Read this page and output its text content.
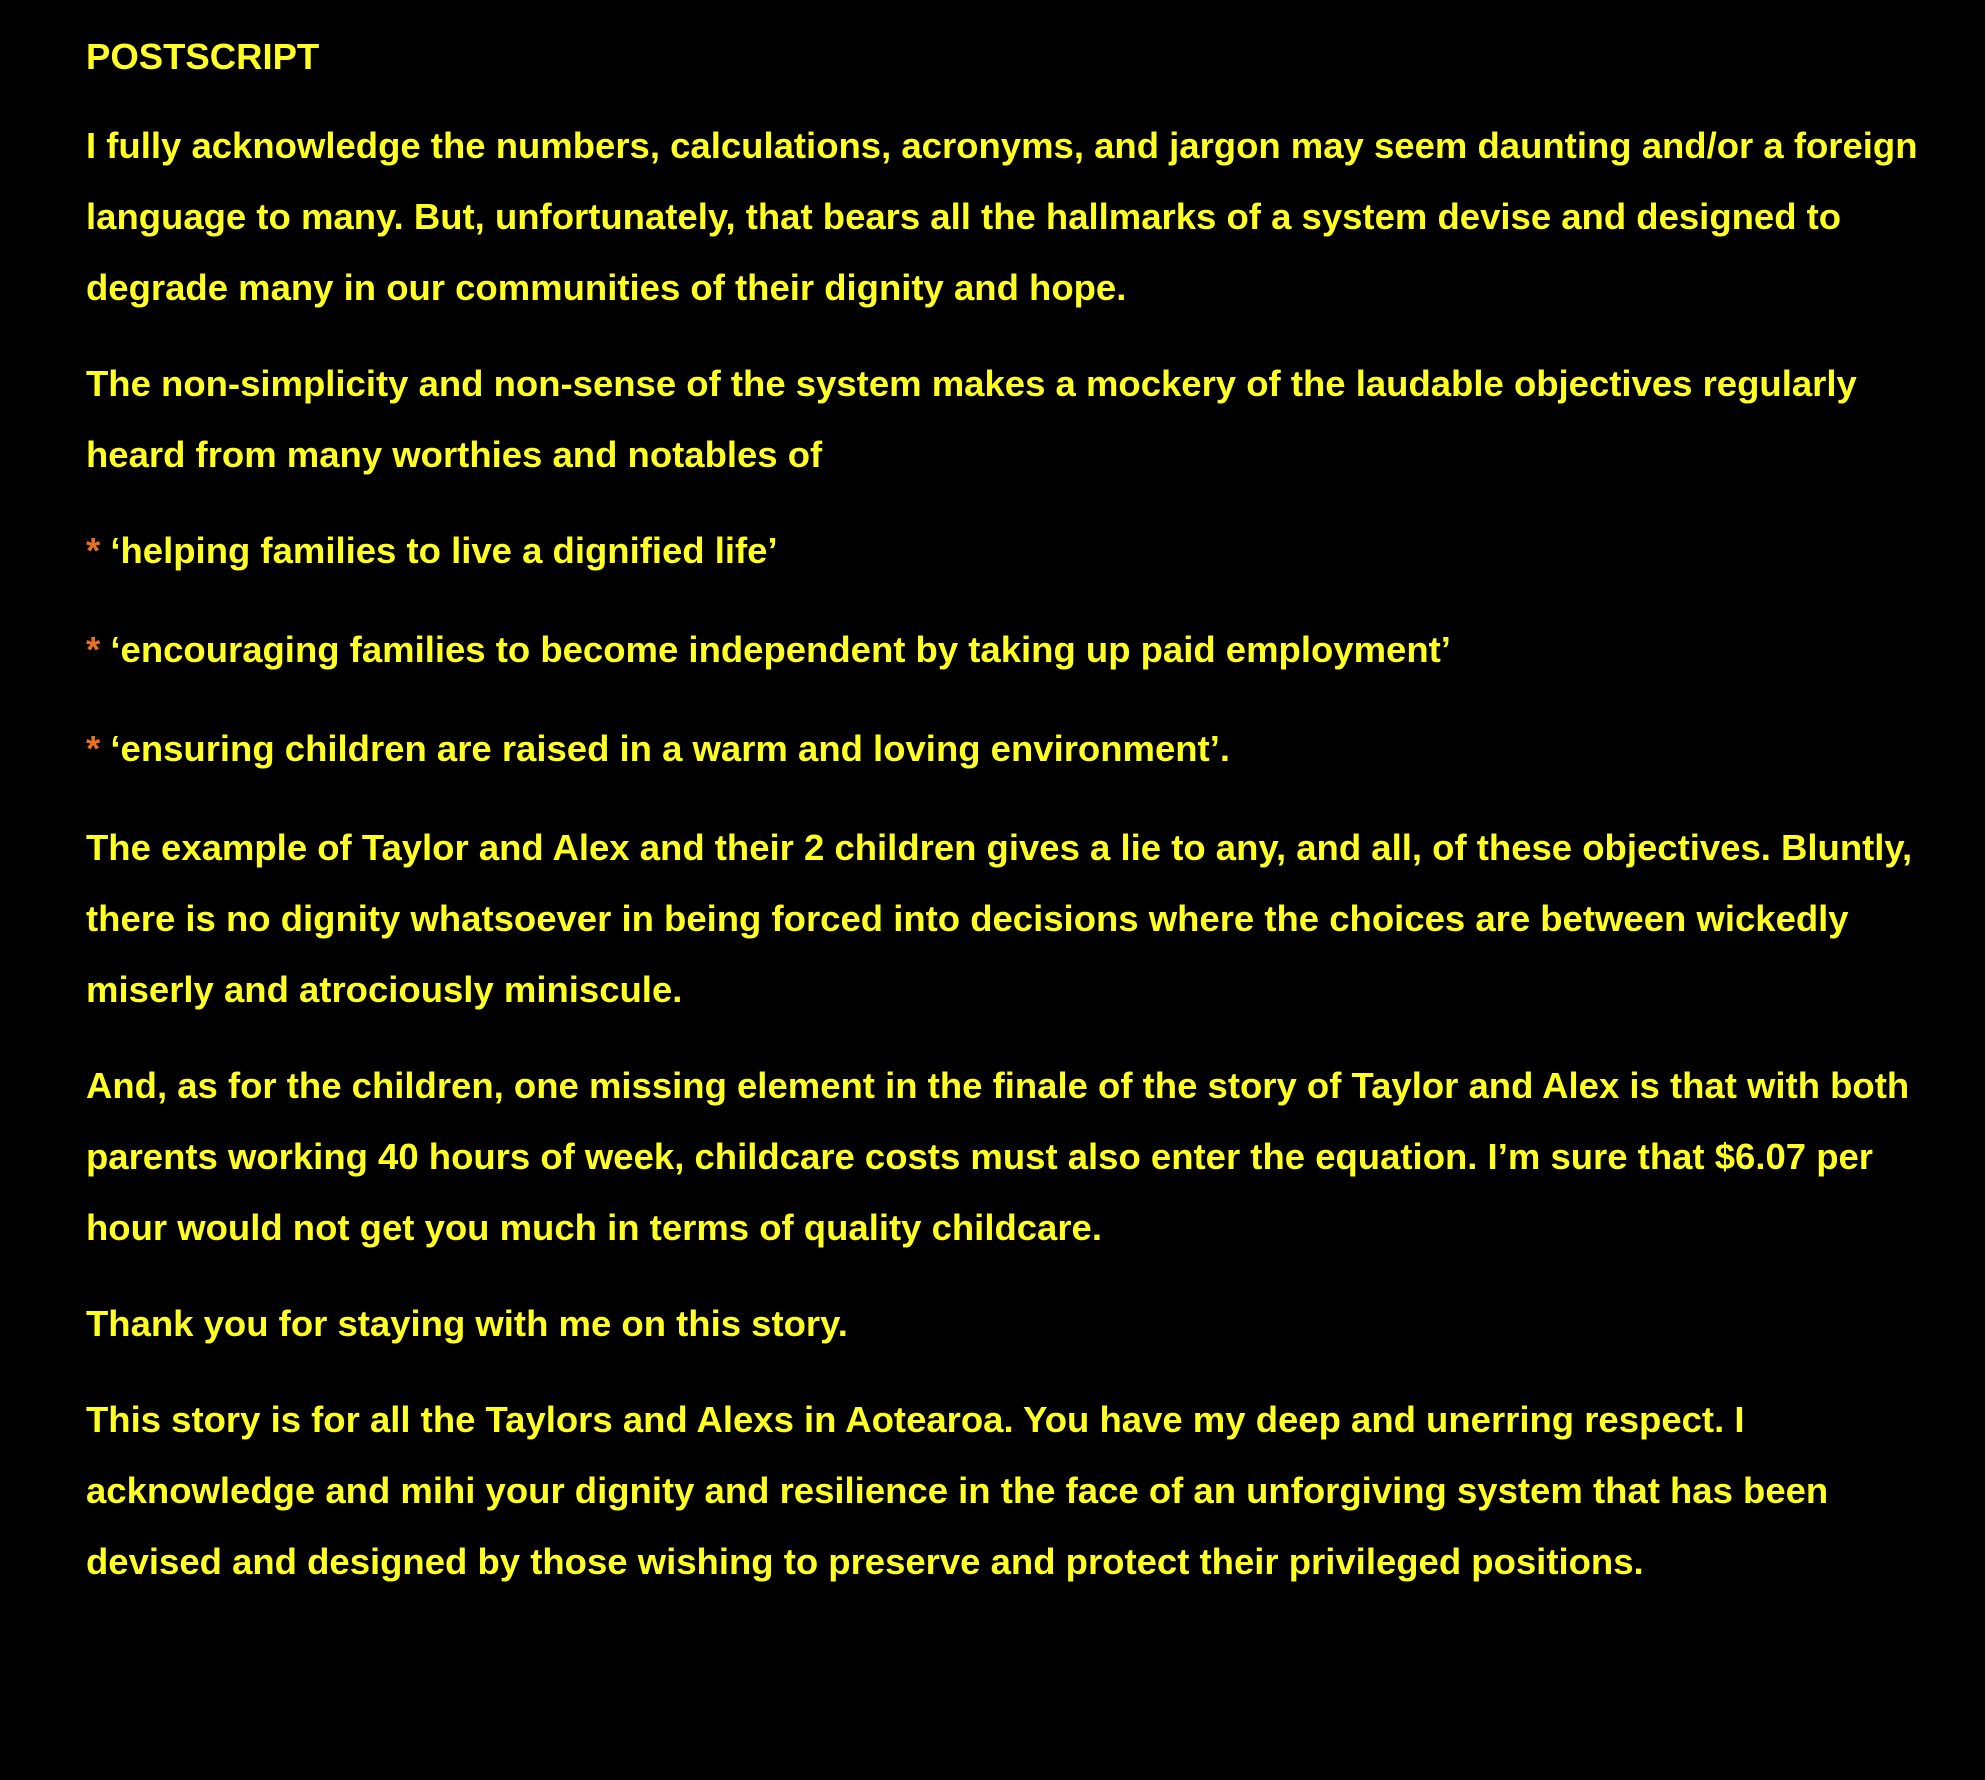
POSTSCRIPT

I fully acknowledge the numbers, calculations, acronyms, and jargon may seem daunting and/or a foreign language to many. But, unfortunately, that bears all the hallmarks of a system devise and designed to degrade many in our communities of their dignity and hope.

The non-simplicity and non-sense of the system makes a mockery of the laudable objectives regularly heard from many worthies and notables of

* ‘helping families to live a dignified life’
* ‘encouraging families to become independent by taking up paid employment’
* ‘ensuring children are raised in a warm and loving environment’.

The example of Taylor and Alex and their 2 children gives a lie to any, and all, of these objectives. Bluntly, there is no dignity whatsoever in being forced into decisions where the choices are between wickedly miserly and atrociously miniscule.

And, as for the children, one missing element in the finale of the story of Taylor and Alex is that with both parents working 40 hours of week, childcare costs must also enter the equation. I’m sure that $6.07 per hour would not get you much in terms of quality childcare.

Thank you for staying with me on this story.

This story is for all the Taylors and Alexs in Aotearoa. You have my deep and unerring respect. I acknowledge and mihi your dignity and resilience in the face of an unforgiving system that has been devised and designed by those wishing to preserve and protect their privileged positions.
